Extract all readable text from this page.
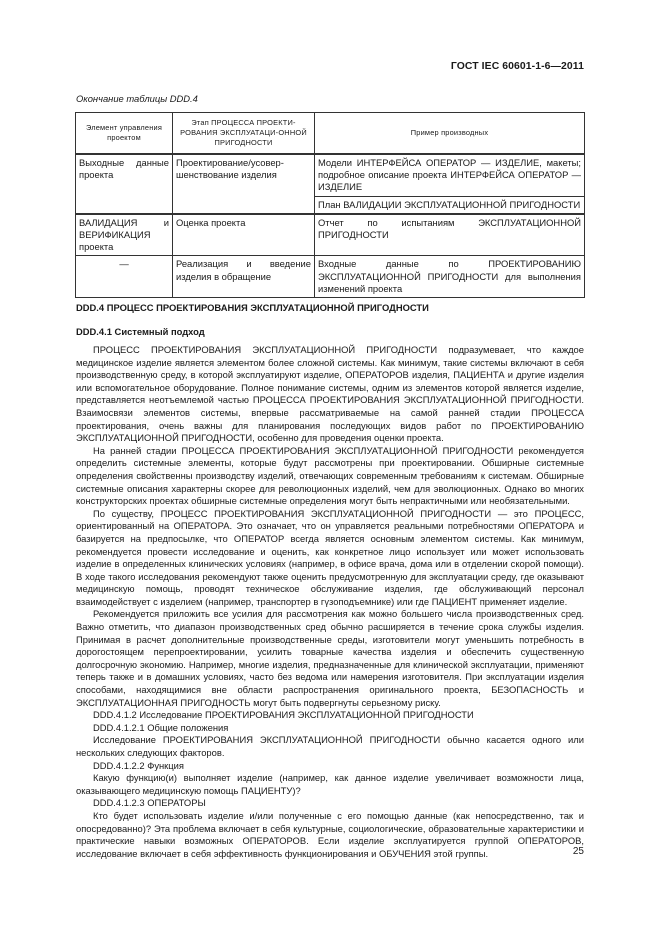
ГОСТ IEC 60601-1-6—2011
Окончание таблицы DDD.4
Элемент управления проектом	Этап ПРОЦЕССА ПРОЕКТИ-РОВАНИЯ ЭКСПЛУАТАЦИ-ОННОЙ ПРИГОДНОСТИ	Пример производных
Выходные данные проекта	Проектирование/усовер-шенствование изделия	Модели ИНТЕРФЕЙСА ОПЕРАТОР — ИЗДЕЛИЕ, макеты; подробное описание проекта ИНТЕРФЕЙСА ОПЕРАТОР — ИЗДЕЛИЕ
		План ВАЛИДАЦИИ ЭКСПЛУАТАЦИОННОЙ ПРИГОДНОСТИ
ВАЛИДАЦИЯ и ВЕРИФИКАЦИЯ проекта	Оценка проекта	Отчет по испытаниям ЭКСПЛУАТАЦИОННОЙ ПРИГОДНОСТИ
—	Реализация и введение изделия в обращение	Входные данные по ПРОЕКТИРОВАНИЮ ЭКСПЛУАТАЦИОННОЙ ПРИГОДНОСТИ для выполнения изменений проекта

DDD.4 ПРОЦЕСС ПРОЕКТИРОВАНИЯ ЭКСПЛУАТАЦИОННОЙ ПРИГОДНОСТИ

DDD.4.1 Системный подход

ПРОЦЕСС ПРОЕКТИРОВАНИЯ ЭКСПЛУАТАЦИОННОЙ ПРИГОДНОСТИ подразумевает, что каждое медицинское изделие является элементом более сложной системы. Как минимум, такие системы включают в себя производственную среду, в которой эксплуатируют изделие, ОПЕРАТОРОВ изделия, ПАЦИЕНТА и другие изделия или вспомогательное оборудование. Полное понимание системы, одним из элементов которой является изделие, представляется неотъемлемой частью ПРОЦЕССА ПРОЕКТИРОВАНИЯ ЭКСПЛУАТАЦИОННОЙ ПРИГОДНОСТИ. Взаимосвязи элементов системы, впервые рассматриваемые на самой ранней стадии ПРОЦЕССА проектирования, очень важны для планирования последующих видов работ по ПРОЕКТИРОВАНИЮ ЭКСПЛУАТАЦИОННОЙ ПРИГОДНОСТИ, особенно для проведения оценки проекта.

На ранней стадии ПРОЦЕССА ПРОЕКТИРОВАНИЯ ЭКСПЛУАТАЦИОННОЙ ПРИГОДНОСТИ рекомендуется определить системные элементы, которые будут рассмотрены при проектировании. Обширные системные определения свойственны производству изделий, отвечающих современным требованиям к системам. Обширные системные описания характерны скорее для революционных изделий, чем для эволюционных. Однако во многих конструкторских проектах обширные системные определения могут быть непрактичными или необязательными.

По существу, ПРОЦЕСС ПРОЕКТИРОВАНИЯ ЭКСПЛУАТАЦИОННОЙ ПРИГОДНОСТИ — это ПРОЦЕСС, ориентированный на ОПЕРАТОРА. Это означает, что он управляется реальными потребностями ОПЕРАТОРА и базируется на предпосылке, что ОПЕРАТОР всегда является основным элементом системы. Как минимум, рекомендуется провести исследование и оценить, как конкретное лицо использует или может использовать изделие в определенных клинических условиях (например, в офисе врача, дома или в отделении скорой помощи). В ходе такого исследования рекомендуют также оценить предусмотренную для эксплуатации среду, где оказывают медицинскую помощь, проводят техническое обслуживание изделия, где обслуживающий персонал взаимодействует с изделием (например, транспортер в гүзоподъемнике) или где ПАЦИЕНТ применяет изделие.

Рекомендуется приложить все усилия для рассмотрения как можно большего числа производственных сред. Важно отметить, что диапазон производственных сред обычно расширяется в течение срока службы изделия. Принимая в расчет дополнительные производственные среды, изготовители могут уменьшить потребность в дорогостоящем перепроектировании, усилить товарные качества изделия и обеспечить существенную долгосрочную экономию. Например, многие изделия, предназначенные для клинической эксплуатации, применяют теперь также и в домашних условиях, часто без ведома или намерения изготовителя. При эксплуатации изделия способами, находящимися вне области распространения оригинального проекта, БЕЗОПАСНОСТЬ и ЭКСПЛУАТАЦИОННАЯ ПРИГОДНОСТЬ могут быть подвергнуты серьезному риску.

DDD.4.1.2 Исследование ПРОЕКТИРОВАНИЯ ЭКСПЛУАТАЦИОННОЙ ПРИГОДНОСТИ

DDD.4.1.2.1 Общие положения

Исследование ПРОЕКТИРОВАНИЯ ЭКСПЛУАТАЦИОННОЙ ПРИГОДНОСТИ обычно касается одного или нескольких следующих факторов.

DDD.4.1.2.2 Функция

Какую функцию(и) выполняет изделие (например, как данное изделие увеличивает возможности лица, оказывающего медицинскую помощь ПАЦИЕНТУ)?

DDD.4.1.2.3 ОПЕРАТОРЫ

Кто будет использовать изделие и/или полученные с его помощью данные (как непосредственно, так и опосредованно)? Эта проблема включает в себя культурные, социологические, образовательные характеристики и практические навыки возможных ОПЕРАТОРОВ. Если изделие эксплуатируется группой ОПЕРАТОРОВ, исследование включает в себя эффективность функционирования и ОБУЧЕНИЯ этой группы.	25
